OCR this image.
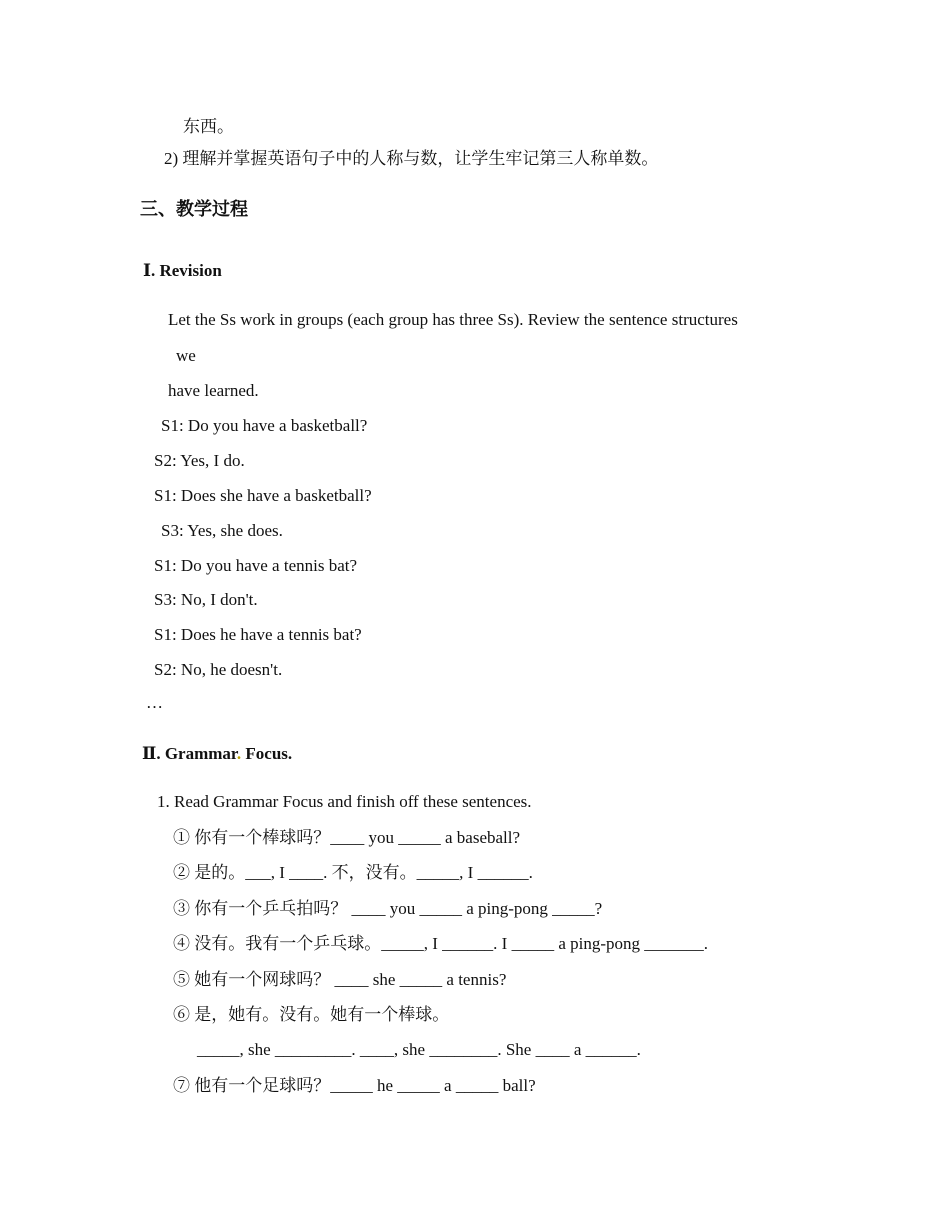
东西。
2) 理解并掌握英语句子中的人称与数，让学生牢记第三人称单数。
三、教学过程
Ⅰ. Revision
Let the Ss work in groups (each group has three Ss). Review the sentence structures
we
have learned.
S1: Do you have a basketball?
S2: Yes, I do.
S1: Does she have a basketball?
S3: Yes, she does.
S1: Do you have a tennis bat?
S3: No, I don't.
S1: Does he have a tennis bat?
S2: No, he doesn't.
…
Ⅱ. Grammar. Focus.
1. Read Grammar Focus and finish off these sentences.
① 你有一个棒球吗？____ you _____ a baseball?
② 是的。___, I ____. 不，没有。_____, I ______.
③ 你有一个乒乓拍吗？ ____ you _____ a ping-pong _____?
④ 没有。我有一个乒乓球。_____, I ______. I _____ a ping-pong _______.
⑤ 她有一个网球吗？ ____ she _____ a tennis?
⑥ 是，她有。没有。她有一个棒球。
_____, she _________. ____, she ________. She ____ a ______.
⑦ 他有一个足球吗？_____ he _____ a _____ ball?
